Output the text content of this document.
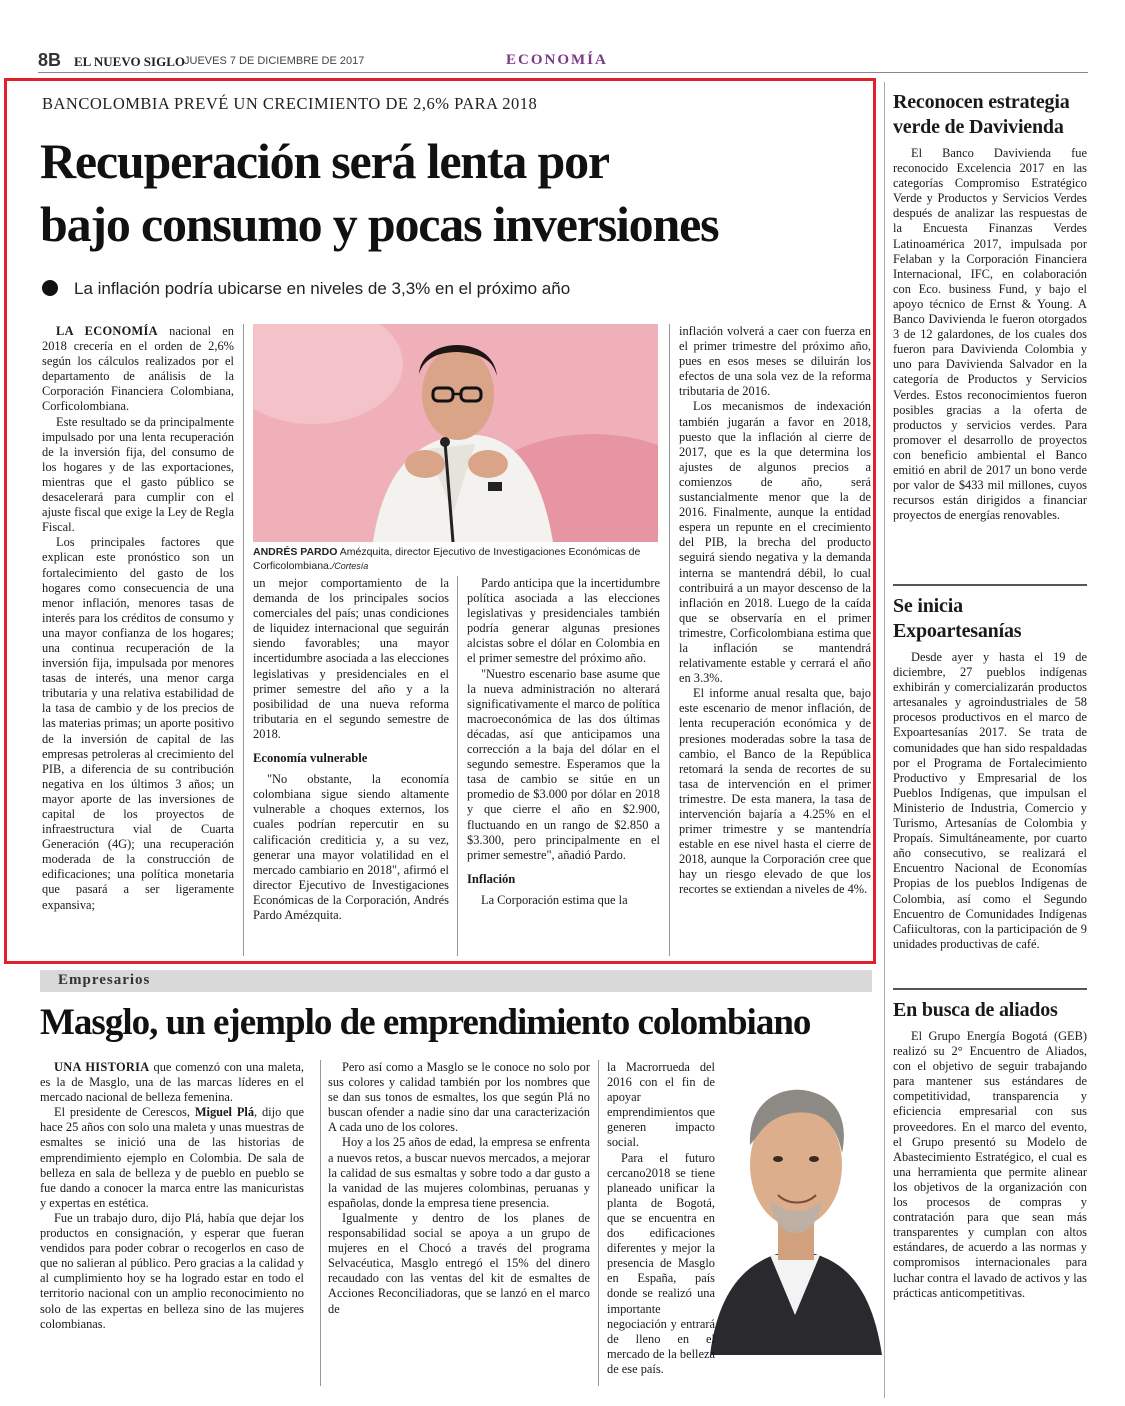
8B EL NUEVO SIGLO JUEVES 7 DE DICIEMBRE DE 2017	ECONOMÍA
BANCOLOMBIA PREVÉ UN CRECIMIENTO DE 2,6% PARA 2018
Recuperación será lenta por
bajo consumo y pocas inversiones
La inflación podría ubicarse en niveles de 3,3% en el próximo año

LA ECONOMÍA nacional en 2018 crecería en el orden de 2,6% según los cálculos realizados por el departamento de análisis de la Corporación Financiera Colombiana, Corficolombiana.

Este resultado se da principalmente impulsado por una lenta recuperación de la inversión fija, del consumo de los hogares y de las exportaciones, mientras que el gasto público se desacelerará para cumplir con el ajuste fiscal que exige la Ley de Regla Fiscal.

Los principales factores que explican este pronóstico son un fortalecimiento del gasto de los hogares como consecuencia de una menor inflación, menores tasas de interés para los créditos de consumo y una mayor confianza de los hogares; una continua recuperación de la inversión fija, impulsada por menores tasas de interés, una menor carga tributaria y una relativa estabilidad de la tasa de cambio y de los precios de las materias primas; un aporte positivo de la inversión de capital de las empresas petroleras al crecimiento del PIB, a diferencia de su contribución negativa en los últimos 3 años; un mayor aporte de las inversiones de capital de los proyectos de infraestructura vial de Cuarta Generación (4G); una recuperación moderada de la construcción de edificaciones; una política monetaria que pasará a ser ligeramente expansiva;

ANDRÉS PARDO Amézquita, director Ejecutivo de Investigaciones Económicas de Corficolombiana./Cortesía

un mejor comportamiento de la demanda de los principales socios comerciales del país; unas condiciones de liquidez internacional que seguirán siendo favorables; una mayor incertidumbre asociada a las elecciones legislativas y presidenciales en el primer semestre del año y a la posibilidad de una nueva reforma tributaria en el segundo semestre de 2018.

Economía vulnerable

"No obstante, la economía colombiana sigue siendo altamente vulnerable a choques externos, los cuales podrían repercutir en su calificación crediticia y, a su vez, generar una mayor volatilidad en el mercado cambiario en 2018", afirmó el director Ejecutivo de Investigaciones Económicas de la Corporación, Andrés Pardo Amézquita.

Pardo anticipa que la incertidumbre política asociada a las elecciones legislativas y presidenciales también podría generar algunas presiones alcistas sobre el dólar en Colombia en el primer semestre del próximo año.

"Nuestro escenario base asume que la nueva administración no alterará significativamente el marco de política macroeconómica de las dos últimas décadas, así que anticipamos una corrección a la baja del dólar en el segundo semestre. Esperamos que la tasa de cambio se sitúe en un promedio de $3.000 por dólar en 2018 y que cierre el año en $2.900, fluctuando en un rango de $2.850 a $3.300, pero principalmente en el primer semestre", añadió Pardo.

Inflación

La Corporación estima que la

inflación volverá a caer con fuerza en el primer trimestre del próximo año, pues en esos meses se diluirán los efectos de una sola vez de la reforma tributaria de 2016.

Los mecanismos de indexación también jugarán a favor en 2018, puesto que la inflación al cierre de 2017, que es la que determina los ajustes de algunos precios a comienzos de año, será sustancialmente menor que la de 2016. Finalmente, aunque la entidad espera un repunte en el crecimiento del PIB, la brecha del producto seguirá siendo negativa y la demanda interna se mantendrá débil, lo cual contribuirá a un mayor descenso de la inflación en 2018. Luego de la caída que se observaría en el primer trimestre, Corficolombiana estima que la inflación se mantendrá relativamente estable y cerrará el año en 3.3%.

El informe anual resalta que, bajo este escenario de menor inflación, de lenta recuperación económica y de presiones moderadas sobre la tasa de cambio, el Banco de la República retomará la senda de recortes de su tasa de intervención en el primer trimestre. De esta manera, la tasa de intervención bajaría a 4.25% en el primer trimestre y se mantendría estable en ese nivel hasta el cierre de 2018, aunque la Corporación cree que hay un riesgo elevado de que los recortes se extiendan a niveles de 4%.

Reconocen estrategia
verde de Davivienda

El Banco Davivienda fue reconocido Excelencia 2017 en las categorías Compromiso Estratégico Verde y Productos y Servicios Verdes después de analizar las respuestas de la Encuesta Finanzas Verdes Latinoamérica 2017, impulsada por Felaban y la Corporación Financiera Internacional, IFC, en colaboración con Eco. business Fund, y bajo el apoyo técnico de Ernst & Young. A Banco Davivienda le fueron otorgados 3 de 12 galardones, de los cuales dos fueron para Davivienda Colombia y uno para Davivienda Salvador en la categoría de Productos y Servicios Verdes. Estos reconocimientos fueron posibles gracias a la oferta de productos y servicios verdes. Para promover el desarrollo de proyectos con beneficio ambiental el Banco emitió en abril de 2017 un bono verde por valor de $433 mil millones, cuyos recursos están dirigidos a financiar proyectos de energías renovables.

Se inicia
Expoartesanías

Desde ayer y hasta el 19 de diciembre, 27 pueblos indígenas exhibirán y comercializarán productos artesanales y agroindustriales de 58 procesos productivos en el marco de Expoartesanías 2017. Se trata de comunidades que han sido respaldadas por el Programa de Fortalecimiento Productivo y Empresarial de los Pueblos Indígenas, que impulsan el Ministerio de Industria, Comercio y Turismo, Artesanías de Colombia y Propaís. Simultáneamente, por cuarto año consecutivo, se realizará el Encuentro Nacional de Economías Propias de los pueblos Indígenas de Colombia, así como el Segundo Encuentro de Comunidades Indígenas Cafiicultoras, con la participación de 9 unidades productivas de café.

En busca de aliados

El Grupo Energía Bogotá (GEB) realizó su 2° Encuentro de Aliados, con el objetivo de seguir trabajando para mantener sus estándares de competitividad, transparencia y eficiencia empresarial con sus proveedores. En el marco del evento, el Grupo presentó su Modelo de Abastecimiento Estratégico, el cual es una herramienta que permite alinear los objetivos de la organización con los procesos de compras y contratación para que sean más transparentes y cumplan con altos estándares, de acuerdo a las normas y compromisos internacionales para luchar contra el lavado de activos y las prácticas anticompetitivas.

Empresarios
Masglo, un ejemplo de emprendimiento colombiano

UNA HISTORIA que comenzó con una maleta, es la de Masglo, una de las marcas líderes en el mercado nacional de belleza femenina.

El presidente de Cerescos, Miguel Plá, dijo que hace 25 años con solo una maleta y unas muestras de esmaltes se inició una de las historias de emprendimiento ejemplo en Colombia. De sala de belleza en sala de belleza y de pueblo en pueblo se fue dando a conocer la marca entre las manicuristas y expertas en estética.

Fue un trabajo duro, dijo Plá, había que dejar los productos en consignación, y esperar que fueran vendidos para poder cobrar o recogerlos en caso de que no salieran al público. Pero gracias a la calidad y al cumplimiento hoy se ha logrado estar en todo el territorio nacional con un amplio reconocimiento no solo de las expertas en belleza sino de las mujeres colombianas.

Pero así como a Masglo se le conoce no solo por sus colores y calidad también por los nombres que se dan sus tonos de esmaltes, los que según Plá no buscan ofender a nadie sino dar una caracterización A cada uno de los colores.

Hoy a los 25 años de edad, la empresa se enfrenta a nuevos retos, a buscar nuevos mercados, a mejorar la calidad de sus esmaltas y sobre todo a dar gusto a la vanidad de las mujeres colombinas, peruanas y españolas, donde la empresa tiene presencia.

Igualmente y dentro de los planes de responsabilidad social se apoya a un grupo de mujeres en el Chocó a través del programa Selvacéutica, Masglo entregó el 15% del dinero recaudado con las ventas del kit de esmaltes de Acciones Reconciliadoras, que se lanzó en el marco de

la Macrorrueda del 2016 con el fin de apoyar emprendimientos que generen impacto social.

Para el futuro cercano2018 se tiene planeado unificar la planta de Bogotá, que se encuentra en dos edificaciones diferentes y mejor la presencia de Masglo en España, país donde se realizó una importante negociación y entrará de lleno en el mercado de la belleza de ese país.
